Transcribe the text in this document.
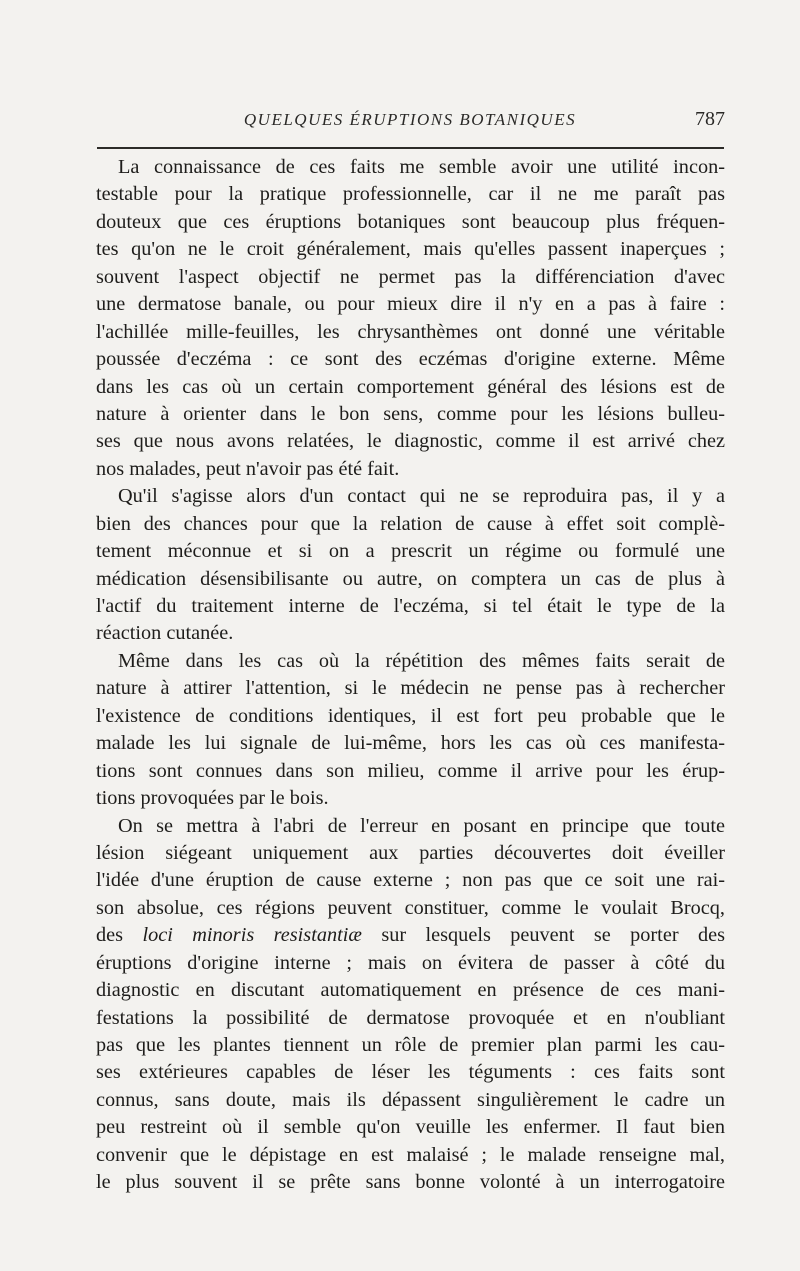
QUELQUES ÉRUPTIONS BOTANIQUES	787
La connaissance de ces faits me semble avoir une utilité incon-
testable pour la pratique professionnelle, car il ne me paraît pas
douteux que ces éruptions botaniques sont beaucoup plus fréquen-
tes qu'on ne le croit généralement, mais qu'elles passent inaperçues ;
souvent l'aspect objectif ne permet pas la différenciation d'avec
une dermatose banale, ou pour mieux dire il n'y en a pas à faire :
l'achillée mille-feuilles, les chrysanthèmes ont donné une véritable
poussée d'eczéma : ce sont des eczémas d'origine externe. Même
dans les cas où un certain comportement général des lésions est de
nature à orienter dans le bon sens, comme pour les lésions bulleu-
ses que nous avons relatées, le diagnostic, comme il est arrivé chez
nos malades, peut n'avoir pas été fait.
Qu'il s'agisse alors d'un contact qui ne se reproduira pas, il y a
bien des chances pour que la relation de cause à effet soit complè-
tement méconnue et si on a prescrit un régime ou formulé une
médication désensibilisante ou autre, on comptera un cas de plus à
l'actif du traitement interne de l'eczéma, si tel était le type de la
réaction cutanée.
Même dans les cas où la répétition des mêmes faits serait de
nature à attirer l'attention, si le médecin ne pense pas à rechercher
l'existence de conditions identiques, il est fort peu probable que le
malade les lui signale de lui-même, hors les cas où ces manifesta-
tions sont connues dans son milieu, comme il arrive pour les érup-
tions provoquées par le bois.
On se mettra à l'abri de l'erreur en posant en principe que toute
lésion siégeant uniquement aux parties découvertes doit éveiller
l'idée d'une éruption de cause externe ; non pas que ce soit une rai-
son absolue, ces régions peuvent constituer, comme le voulait Brocq,
des loci minoris resistantiæ sur lesquels peuvent se porter des
éruptions d'origine interne ; mais on évitera de passer à côté du
diagnostic en discutant automatiquement en présence de ces mani-
festations la possibilité de dermatose provoquée et en n'oubliant
pas que les plantes tiennent un rôle de premier plan parmi les cau-
ses extérieures capables de léser les téguments : ces faits sont
connus, sans doute, mais ils dépassent singulièrement le cadre un
peu restreint où il semble qu'on veuille les enfermer. Il faut bien
convenir que le dépistage en est malaisé ; le malade renseigne mal,
le plus souvent il se prête sans bonne volonté à un interrogatoire
